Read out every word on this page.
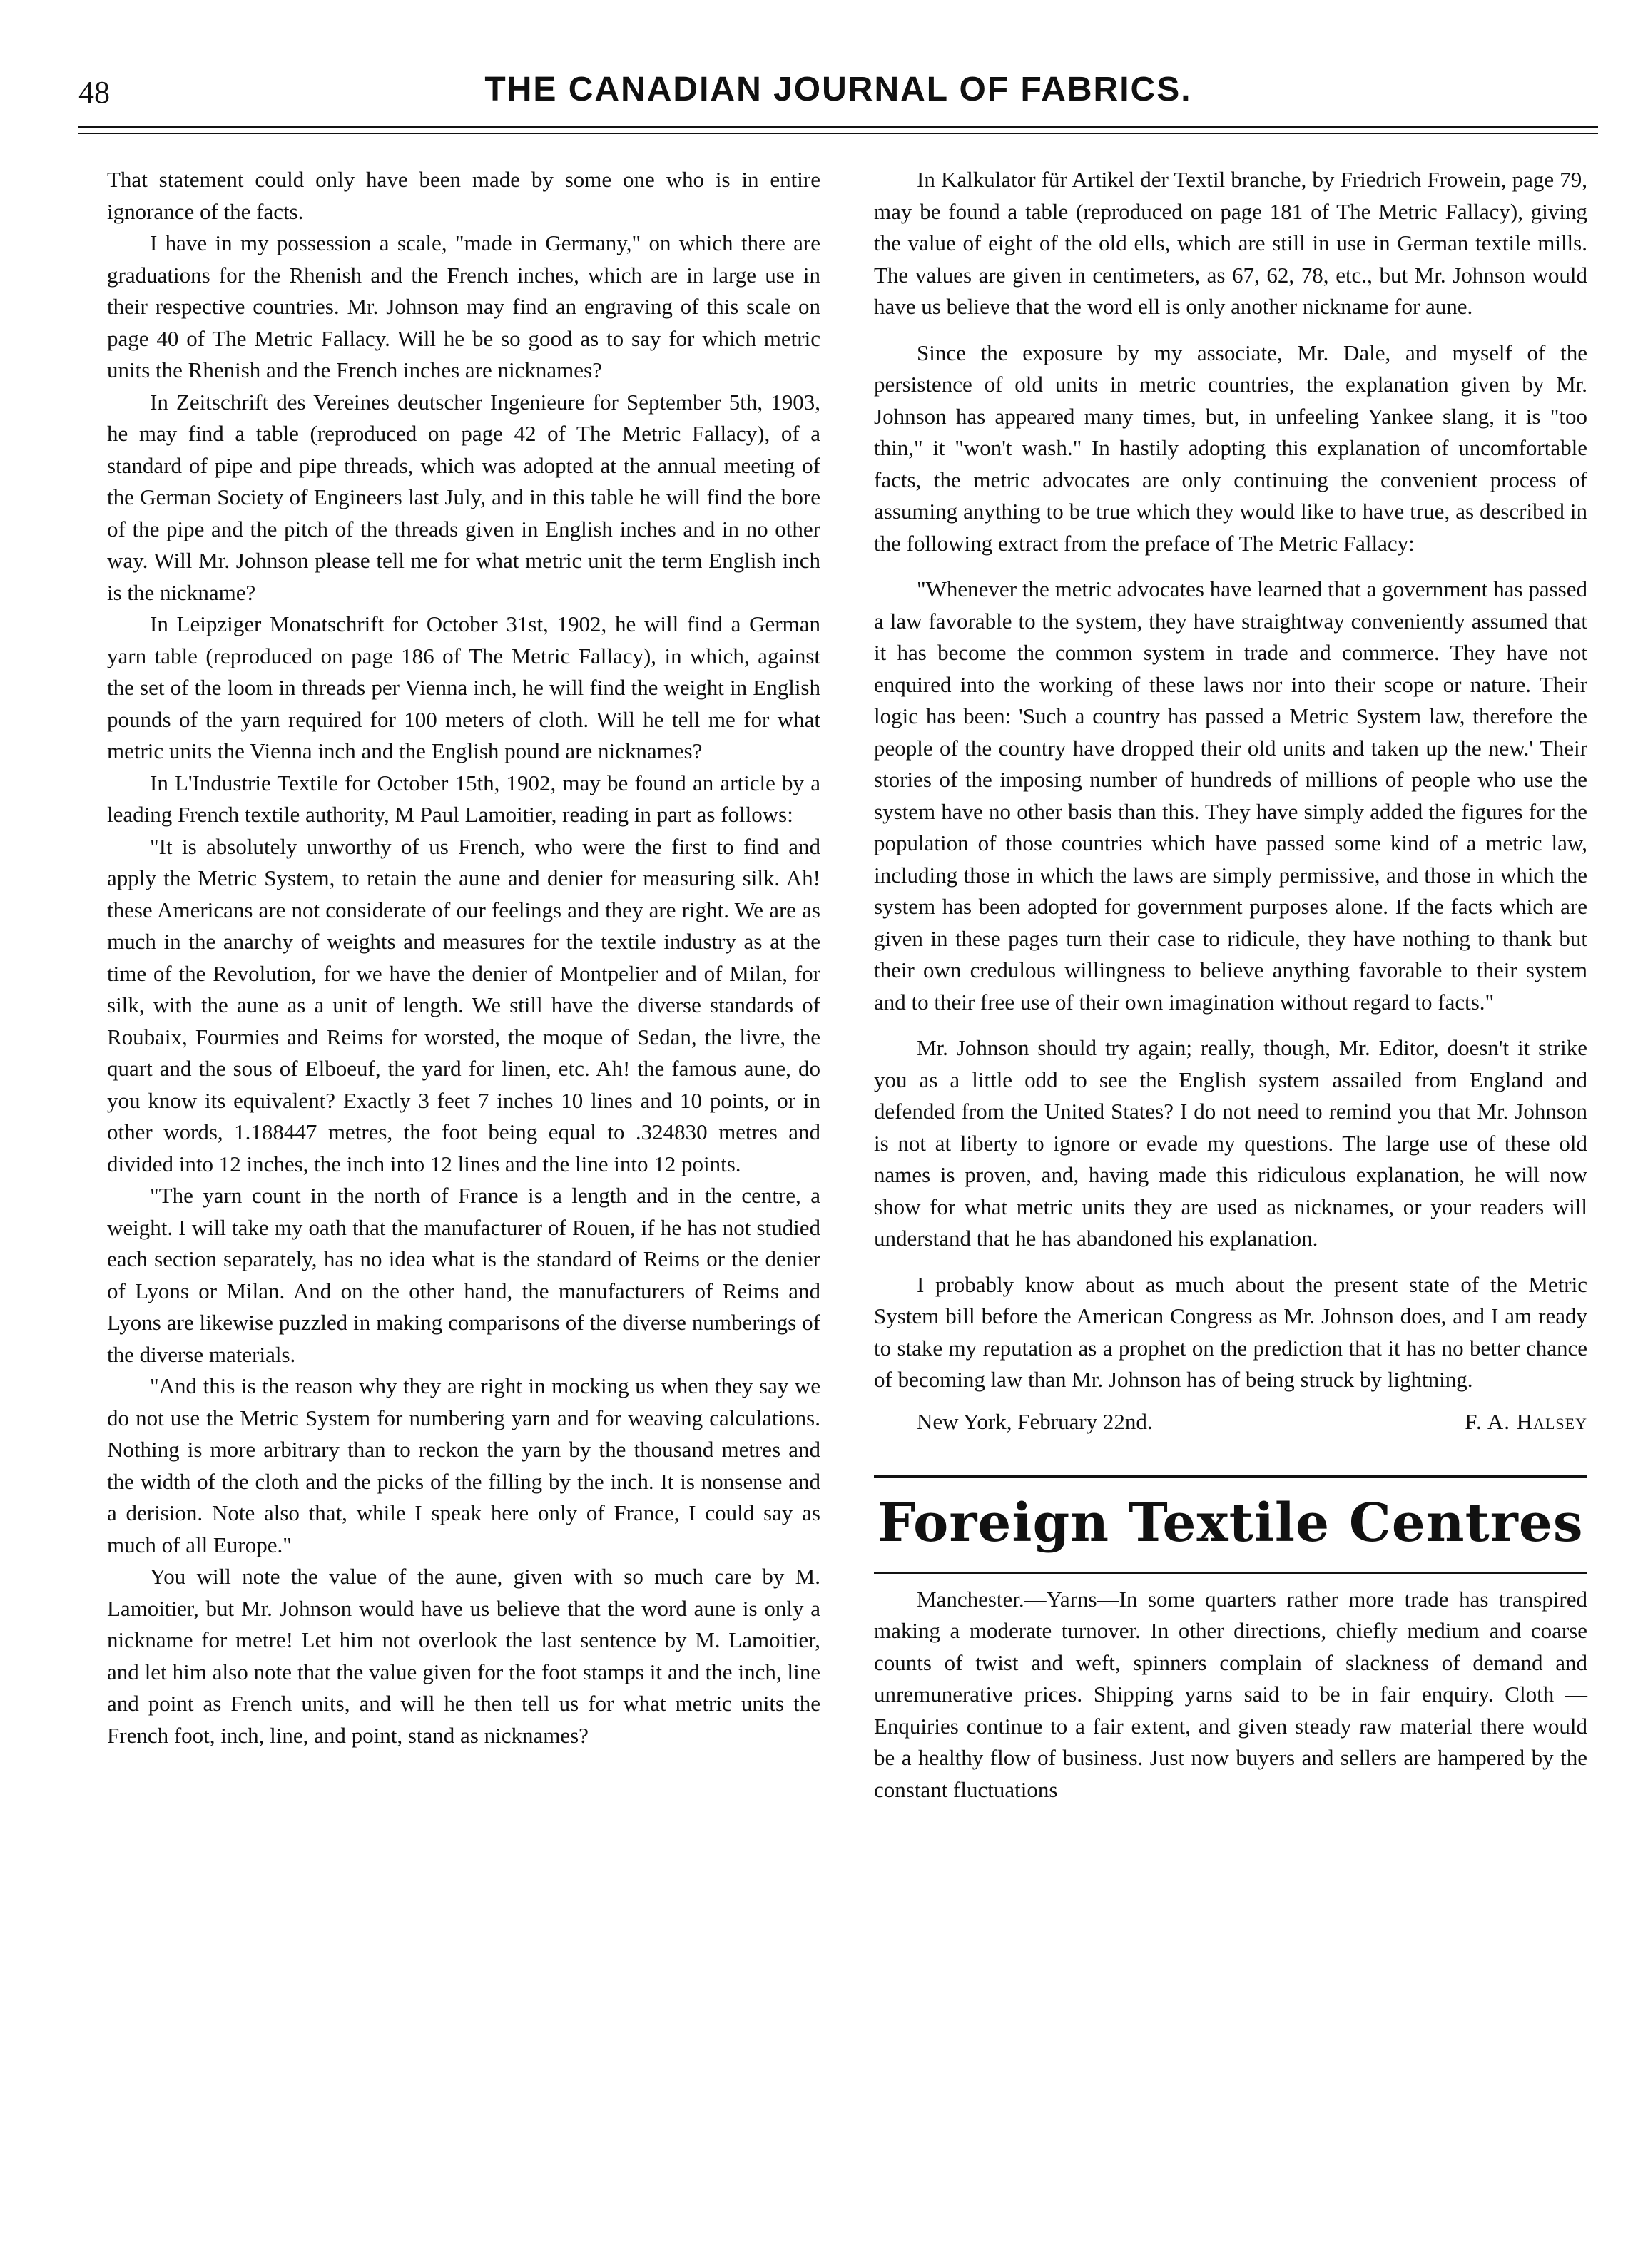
48	THE CANADIAN JOURNAL OF FABRICS.

That statement could only have been made by some one who is in entire ignorance of the facts.

I have in my possession a scale, "made in Germany," on which there are graduations for the Rhenish and the French inches, which are in large use in their respective countries. Mr. Johnson may find an engraving of this scale on page 40 of The Metric Fallacy. Will he be so good as to say for which metric units the Rhenish and the French inches are nicknames?

In Zeitschrift des Vereines deutscher Ingenieure for September 5th, 1903, he may find a table (reproduced on page 42 of The Metric Fallacy), of a standard of pipe and pipe threads, which was adopted at the annual meeting of the German Society of Engineers last July, and in this table he will find the bore of the pipe and the pitch of the threads given in English inches and in no other way. Will Mr. Johnson please tell me for what metric unit the term English inch is the nickname?

In Leipziger Monatschrift for October 31st, 1902, he will find a German yarn table (reproduced on page 186 of The Metric Fallacy), in which, against the set of the loom in threads per Vienna inch, he will find the weight in English pounds of the yarn required for 100 meters of cloth. Will he tell me for what metric units the Vienna inch and the English pound are nicknames?

In L'Industrie Textile for October 15th, 1902, may be found an article by a leading French textile authority, M Paul Lamoitier, reading in part as follows:

"It is absolutely unworthy of us French, who were the first to find and apply the Metric System, to retain the aune and denier for measuring silk. Ah! these Americans are not considerate of our feelings and they are right. We are as much in the anarchy of weights and measures for the textile industry as at the time of the Revolution, for we have the denier of Montpelier and of Milan, for silk, with the aune as a unit of length. We still have the diverse standards of Roubaix, Fourmies and Reims for worsted, the moque of Sedan, the livre, the quart and the sous of Elboeuf, the yard for linen, etc. Ah! the famous aune, do you know its equivalent? Exactly 3 feet 7 inches 10 lines and 10 points, or in other words, 1.188447 metres, the foot being equal to .324830 metres and divided into 12 inches, the inch into 12 lines and the line into 12 points.

"The yarn count in the north of France is a length and in the centre, a weight. I will take my oath that the manufacturer of Rouen, if he has not studied each section separately, has no idea what is the standard of Reims or the denier of Lyons or Milan. And on the other hand, the manufacturers of Reims and Lyons are likewise puzzled in making comparisons of the diverse numberings of the diverse materials.

"And this is the reason why they are right in mocking us when they say we do not use the Metric System for numbering yarn and for weaving calculations. Nothing is more arbitrary than to reckon the yarn by the thousand metres and the width of the cloth and the picks of the filling by the inch. It is nonsense and a derision. Note also that, while I speak here only of France, I could say as much of all Europe."

You will note the value of the aune, given with so much care by M. Lamoitier, but Mr. Johnson would have us believe that the word aune is only a nickname for metre! Let him not overlook the last sentence by M. Lamoitier, and let him also note that the value given for the foot stamps it and the inch, line and point as French units, and will he then tell us for what metric units the French foot, inch, line, and point, stand as nicknames?

In Kalkulator für Artikel der Textil branche, by Friedrich Frowein, page 79, may be found a table (reproduced on page 181 of The Metric Fallacy), giving the value of eight of the old ells, which are still in use in German textile mills. The values are given in centimeters, as 67, 62, 78, etc., but Mr. Johnson would have us believe that the word ell is only another nickname for aune.

Since the exposure by my associate, Mr. Dale, and myself of the persistence of old units in metric countries, the explanation given by Mr. Johnson has appeared many times, but, in unfeeling Yankee slang, it is "too thin," it "won't wash." In hastily adopting this explanation of uncomfortable facts, the metric advocates are only continuing the convenient process of assuming anything to be true which they would like to have true, as described in the following extract from the preface of The Metric Fallacy:

"Whenever the metric advocates have learned that a government has passed a law favorable to the system, they have straightway conveniently assumed that it has become the common system in trade and commerce. They have not enquired into the working of these laws nor into their scope or nature. Their logic has been: 'Such a country has passed a Metric System law, therefore the people of the country have dropped their old units and taken up the new.' Their stories of the imposing number of hundreds of millions of people who use the system have no other basis than this. They have simply added the figures for the population of those countries which have passed some kind of a metric law, including those in which the laws are simply permissive, and those in which the system has been adopted for government purposes alone. If the facts which are given in these pages turn their case to ridicule, they have nothing to thank but their own credulous willingness to believe anything favorable to their system and to their free use of their own imagination without regard to facts."

Mr. Johnson should try again; really, though, Mr. Editor, doesn't it strike you as a little odd to see the English system assailed from England and defended from the United States? I do not need to remind you that Mr. Johnson is not at liberty to ignore or evade my questions. The large use of these old names is proven, and, having made this ridiculous explanation, he will now show for what metric units they are used as nicknames, or your readers will understand that he has abandoned his explanation.

I probably know about as much about the present state of the Metric System bill before the American Congress as Mr. Johnson does, and I am ready to stake my reputation as a prophet on the prediction that it has no better chance of becoming law than Mr. Johnson has of being struck by lightning.

New York, February 22nd.	F. A. Halsey
Foreign Textile Centres

Manchester.—Yarns—In some quarters rather more trade has transpired making a moderate turnover. In other directions, chiefly medium and coarse counts of twist and weft, spinners complain of slackness of demand and unremunerative prices. Shipping yarns said to be in fair enquiry. Cloth —Enquiries continue to a fair extent, and given steady raw material there would be a healthy flow of business. Just now buyers and sellers are hampered by the constant fluctuations
